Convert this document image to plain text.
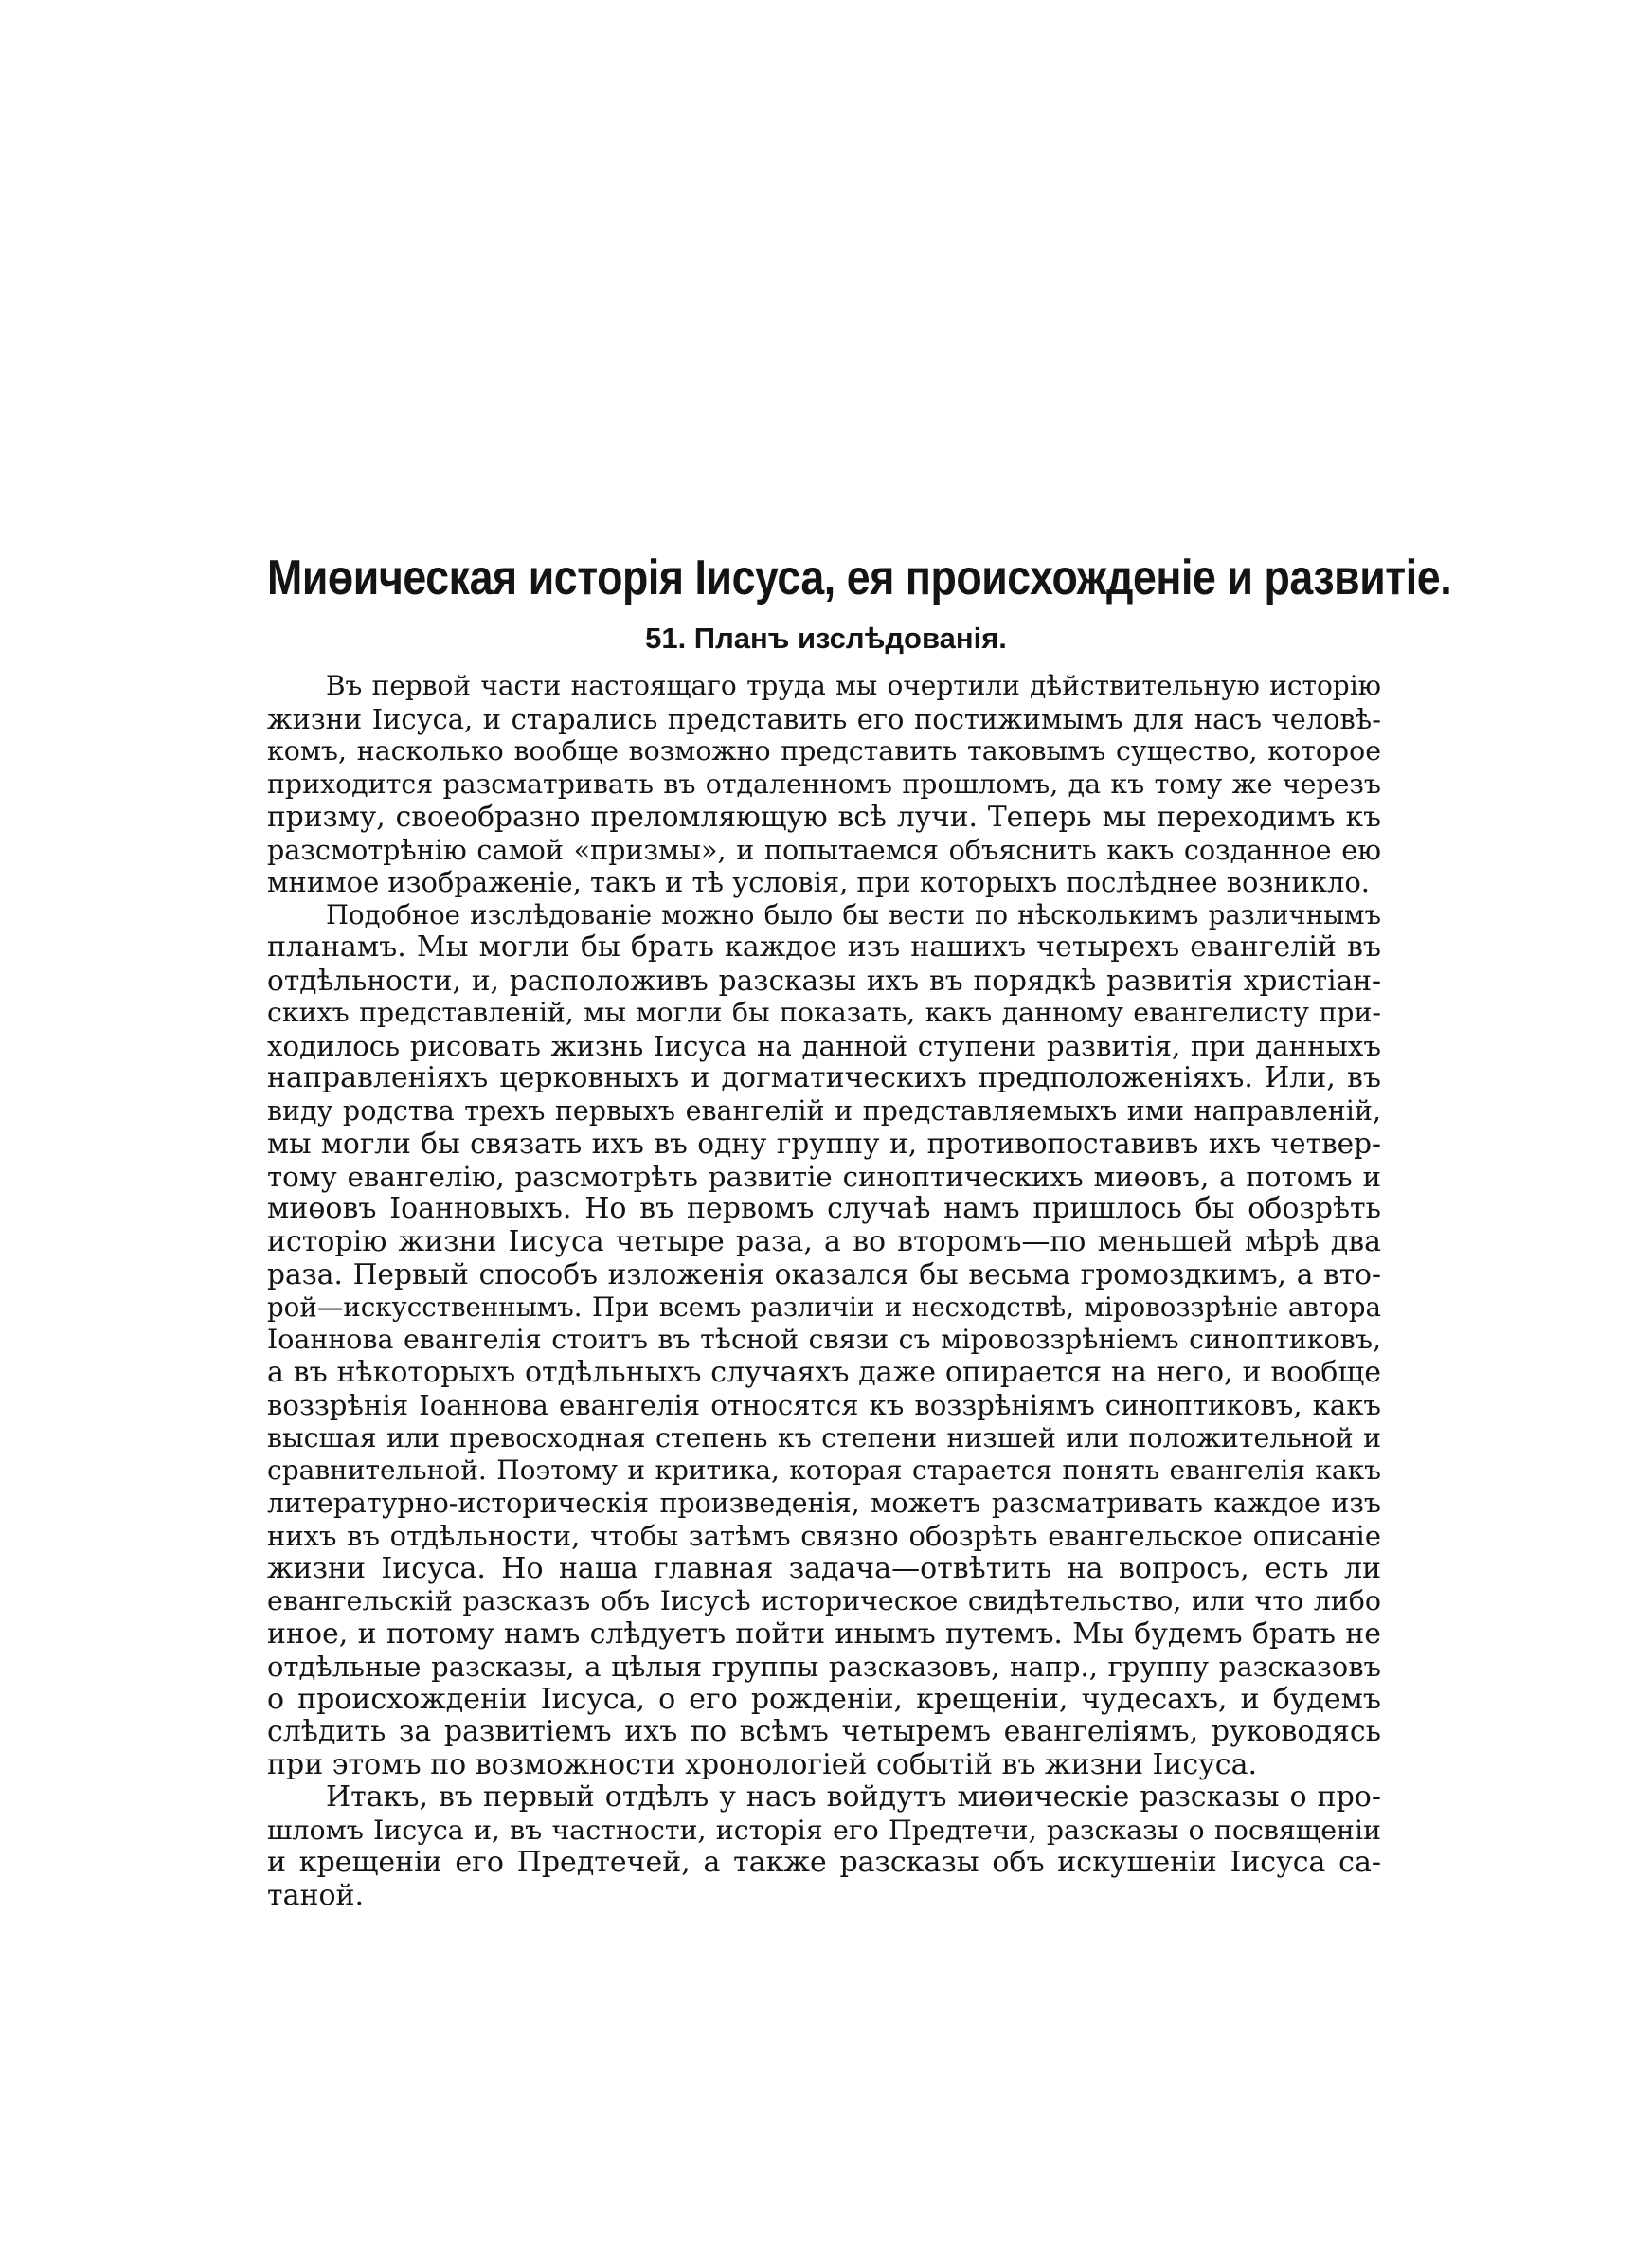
Миөическая исторія Іисуса, ея происхожденіе и развитіе.
51. Планъ изслѣдованія.
Въ первой части настоящаго труда мы очертили дѣйствительную исторію
жизни Іисуса, и старались представить его постижимымъ для насъ человѣ-
комъ, насколько вообще возможно представить таковымъ существо, которое
приходится разсматривать въ отдаленномъ прошломъ, да къ тому же черезъ
призму, своеобразно преломляющую всѣ лучи. Теперь мы переходимъ къ
разсмотрѣнію самой «призмы», и попытаемся объяснить какъ созданное ею
мнимое изображеніе, такъ и тѣ условія, при которыхъ послѣднее возникло.
Подобное изслѣдованіе можно было бы вести по нѣсколькимъ различнымъ
планамъ. Мы могли бы брать каждое изъ нашихъ четырехъ евангелій въ
отдѣльности, и, расположивъ разсказы ихъ въ порядкѣ развитія христіан-
скихъ представленій, мы могли бы показать, какъ данному евангелисту при-
ходилось рисовать жизнь Іисуса на данной ступени развитія, при данныхъ
направленіяхъ церковныхъ и догматическихъ предположеніяхъ. Или, въ
виду родства трехъ первыхъ евангелій и представляемыхъ ими направленій,
мы могли бы связать ихъ въ одну группу и, противопоставивъ ихъ четвер-
тому евангелію, разсмотрѣть развитіе синоптическихъ миөовъ, а потомъ и
миөовъ Іоанновыхъ. Но въ первомъ случаѣ намъ пришлось бы обозрѣть
исторію жизни Іисуса четыре раза, а во второмъ—по меньшей мѣрѣ два
раза. Первый способъ изложенія оказался бы весьма громоздкимъ, а вто-
рой—искусственнымъ. При всемъ различіи и несходствѣ, міровоззрѣніе автора
Іоаннова евангелія стоитъ въ тѣсной связи съ міровоззрѣніемъ синоптиковъ,
а въ нѣкоторыхъ отдѣльныхъ случаяхъ даже опирается на него, и вообще
воззрѣнія Іоаннова евангелія относятся къ воззрѣніямъ синоптиковъ, какъ
высшая или превосходная степень къ степени низшей или положительной и
сравнительной. Поэтому и критика, которая старается понять евангелія какъ
литературно-историческія произведенія, можетъ разсматривать каждое изъ
нихъ въ отдѣльности, чтобы затѣмъ связно обозрѣть евангельское описаніе
жизни Іисуса. Но наша главная задача—отвѣтить на вопросъ, есть ли
евангельскій разсказъ объ Іисусѣ историческое свидѣтельство, или что либо
иное, и потому намъ слѣдуетъ пойти инымъ путемъ. Мы будемъ брать не
отдѣльные разсказы, а цѣлыя группы разсказовъ, напр., группу разсказовъ
о происхожденіи Іисуса, о его рожденіи, крещеніи, чудесахъ, и будемъ
слѣдить за развитіемъ ихъ по всѣмъ четыремъ евангеліямъ, руководясь
при этомъ по возможности хронологіей событій въ жизни Іисуса.
Итакъ, въ первый отдѣлъ у насъ войдутъ миөическіе разсказы о про-
шломъ Іисуса и, въ частности, исторія его Предтечи, разсказы о посвященіи
и крещеніи его Предтечей, а также разсказы объ искушеніи Іисуса са-
таной.
